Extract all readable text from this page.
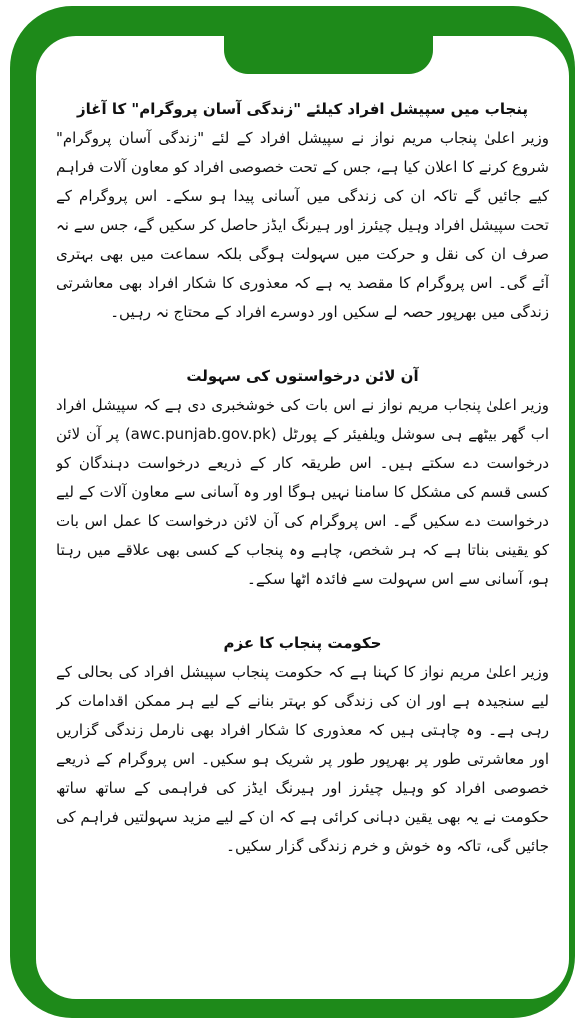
پنجاب میں سپیشل افراد کیلئے "زندگی آسان پروگرام" کا آغاز

وزیر اعلیٰ پنجاب مریم نواز نے سپیشل افراد کے لئے "زندگی آسان پروگرام" شروع کرنے کا اعلان کیا ہے، جس کے تحت خصوصی افراد کو معاون آلات فراہم کیے جائیں گے تاکہ ان کی زندگی میں آسانی پیدا ہو سکے۔ اس پروگرام کے تحت سپیشل افراد وہیل چیئرز اور ہیرنگ ایڈز حاصل کر سکیں گے، جس سے نہ صرف ان کی نقل و حرکت میں سہولت ہوگی بلکہ سماعت میں بھی بہتری آئے گی۔ اس پروگرام کا مقصد یہ ہے کہ معذوری کا شکار افراد بھی معاشرتی زندگی میں بھرپور حصہ لے سکیں اور دوسرے افراد کے محتاج نہ رہیں۔

آن لائن درخواستوں کی سہولت

وزیر اعلیٰ پنجاب مریم نواز نے اس بات کی خوشخبری دی ہے کہ سپیشل افراد اب گھر بیٹھے ہی سوشل ویلفیئر کے پورٹل (awc.punjab.gov.pk) پر آن لائن درخواست دے سکتے ہیں۔ اس طریقہ کار کے ذریعے درخواست دہندگان کو کسی قسم کی مشکل کا سامنا نہیں ہوگا اور وہ آسانی سے معاون آلات کے لیے درخواست دے سکیں گے۔ اس پروگرام کی آن لائن درخواست کا عمل اس بات کو یقینی بناتا ہے کہ ہر شخص، چاہے وہ پنجاب کے کسی بھی علاقے میں رہتا ہو، آسانی سے اس سہولت سے فائدہ اٹھا سکے۔

حکومت پنجاب کا عزم

وزیر اعلیٰ مریم نواز کا کہنا ہے کہ حکومت پنجاب سپیشل افراد کی بحالی کے لیے سنجیدہ ہے اور ان کی زندگی کو بہتر بنانے کے لیے ہر ممکن اقدامات کر رہی ہے۔ وہ چاہتی ہیں کہ معذوری کا شکار افراد بھی نارمل زندگی گزاریں اور معاشرتی طور پر بھرپور طور پر شریک ہو سکیں۔ اس پروگرام کے ذریعے خصوصی افراد کو وہیل چیئرز اور ہیرنگ ایڈز کی فراہمی کے ساتھ ساتھ حکومت نے یہ بھی یقین دہانی کرائی ہے کہ ان کے لیے مزید سہولتیں فراہم کی جائیں گی، تاکہ وہ خوش و خرم زندگی گزار سکیں۔
